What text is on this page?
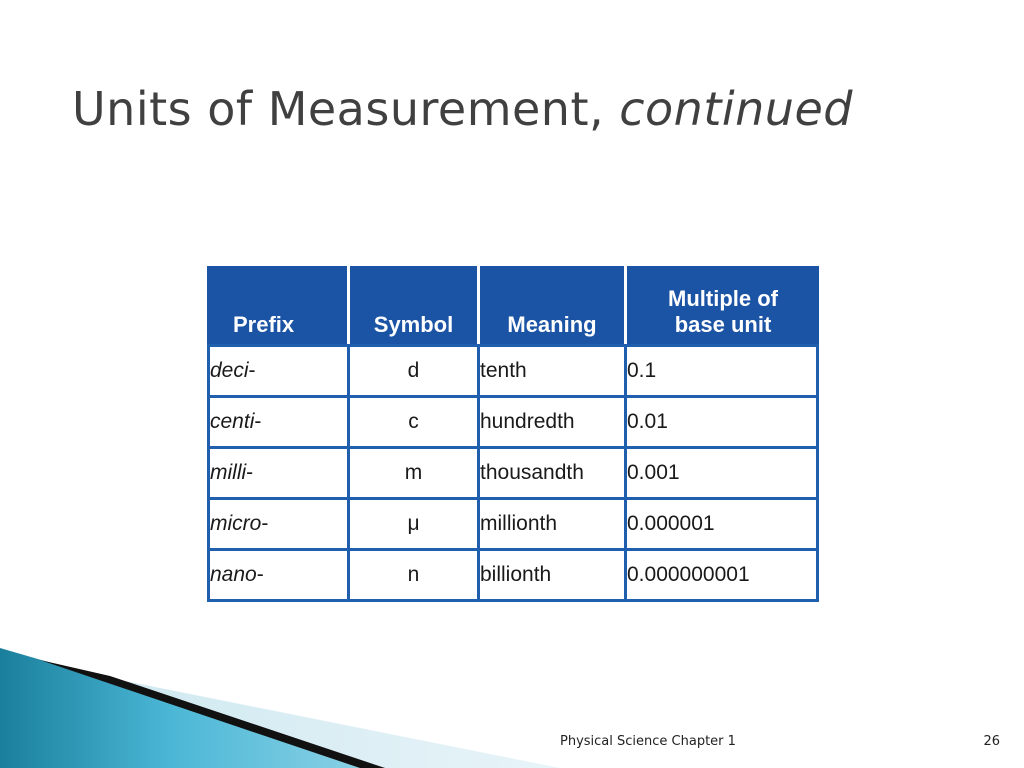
Units of Measurement, continued
Prefix	Symbol	Meaning	Multiple of
base unit
deci-	d	tenth	0.1
centi-	c	hundredth	0.01
milli-	m	thousandth	0.001
micro-	μ	millionth	0.000001
nano-	n	billionth	0.000000001
Physical Science Chapter 1	26
